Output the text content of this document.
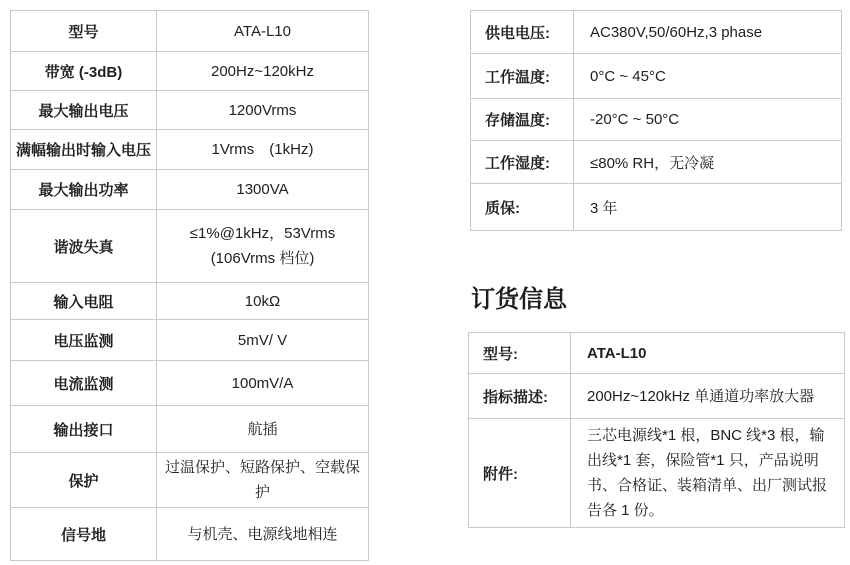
型号	ATA-L10
带宽 (-3dB)	200Hz~120kHz
最大输出电压	1200Vrms
满幅输出时输入电压	1Vrms　(1kHz)
最大输出功率	1300VA
谐波失真	≤1%@1kHz，53Vrms
(106Vrms 档位)

输入电阻	10kΩ
电压监测	5mV/ V
电流监测	100mV/A
输出接口	航插
保护	过温保护、短路保护、空载保护
信号地	与机壳、电源线地相连
供电电压:	AC380V,50/60Hz,3 phase
工作温度:	0°C ~ 45°C
存储温度:	-20°C ~ 50°C
工作湿度:	≤80% RH，无冷凝
质保:	3 年
订货信息
型号:	ATA-L10
指标描述:	200Hz~120kHz 单通道功率放大器
附件:	三芯电源线*1 根，BNC 线*3 根，输出线*1 套，保险管*1 只，产品说明书、合格证、装箱清单、出厂测试报告各 1 份。
